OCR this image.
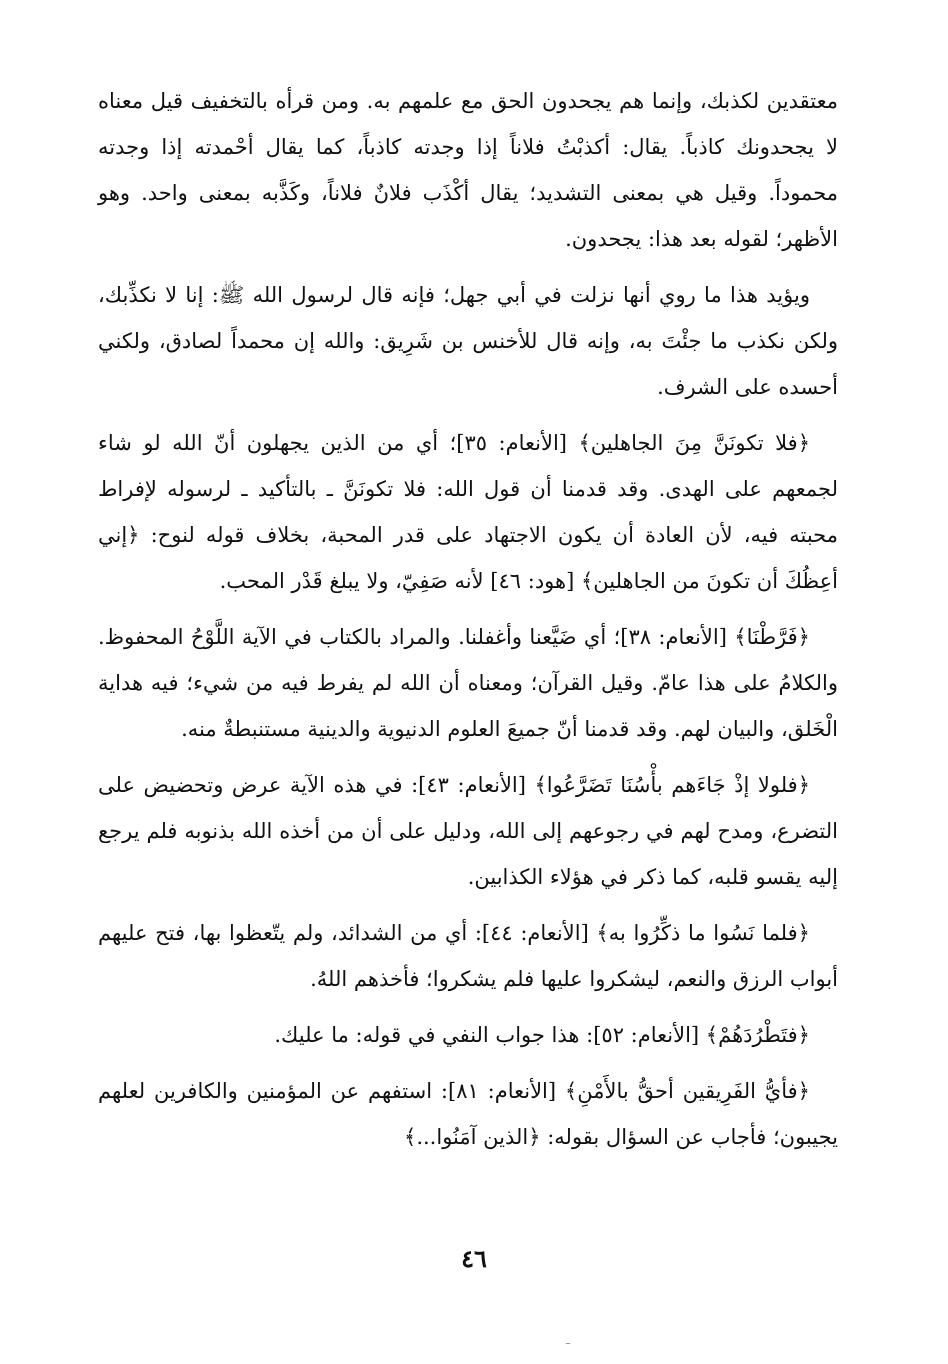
معتقدين لكذبك، وإنما هم يجحدون الحق مع علمهم به. ومن قرأه بالتخفيف قيل معناه لا يجحدونك كاذباً. يقال: أكذبْتُ فلاناً إذا وجدته كاذباً، كما يقال أحْمدته إذا وجدته محموداً. وقيل هي بمعنى التشديد؛ يقال أكْذَب فلانٌ فلاناً، وكَذَّبه بمعنى واحد. وهو الأظهر؛ لقوله بعد هذا: يجحدون.

ويؤيد هذا ما روي أنها نزلت في أبي جهل؛ فإنه قال لرسول الله ﷺ: إنا لا نكذِّبك، ولكن نكذب ما جئْتَ به، وإنه قال للأخنس بن شَرِيق: والله إن محمداً لصادق، ولكني أحسده على الشرف.

﴿فلا تكونَنَّ مِنَ الجاهلين﴾ [الأنعام: ٣٥]؛ أي من الذين يجهلون أنّ الله لو شاء لجمعهم على الهدى. وقد قدمنا أن قول الله: فلا تكونَنَّ ـ بالتأكيد ـ لرسوله لإفراط محبته فيه، لأن العادة أن يكون الاجتهاد على قدر المحبة، بخلاف قوله لنوح: ﴿إني أعِظُكَ أن تكونَ من الجاهلين﴾ [هود: ٤٦] لأنه صَفِيّ، ولا يبلغ قَدْر المحب.

﴿فَرَّطْنَا﴾ [الأنعام: ٣٨]؛ أي ضَيَّعنا وأغفلنا. والمراد بالكتاب في الآية اللَّوْحُ المحفوظ. والكلامُ على هذا عامّ. وقيل القرآن؛ ومعناه أن الله لم يفرط فيه من شيء؛ فيه هداية الْخَلق، والبيان لهم. وقد قدمنا أنّ جميعَ العلوم الدنيوية والدينية مستنبطةٌ منه.

﴿فلولا إذْ جَاءَهم بأْسُنَا تَضَرَّعُوا﴾ [الأنعام: ٤٣]: في هذه الآية عرض وتحضيض على التضرع، ومدح لهم في رجوعهم إلى الله، ودليل على أن من أخذه الله بذنوبه فلم يرجع إليه يقسو قلبه، كما ذكر في هؤلاء الكذابين.

﴿فلما نَسُوا ما ذكِّرُوا به﴾ [الأنعام: ٤٤]: أي من الشدائد، ولم يتّعظوا بها، فتح عليهم أبواب الرزق والنعم، ليشكروا عليها فلم يشكروا؛ فأخذهم اللهُ.

﴿فتَطْرُدَهُمْ﴾ [الأنعام: ٥٢]: هذا جواب النفي في قوله: ما عليك.

﴿فأيُّ الفَرِيقين أحقُّ بالأَمْنِ﴾ [الأنعام: ٨١]: استفهم عن المؤمنين والكافرين لعلهم يجيبون؛ فأجاب عن السؤال بقوله: ﴿الذين آمَنُوا...﴾

٤٦
